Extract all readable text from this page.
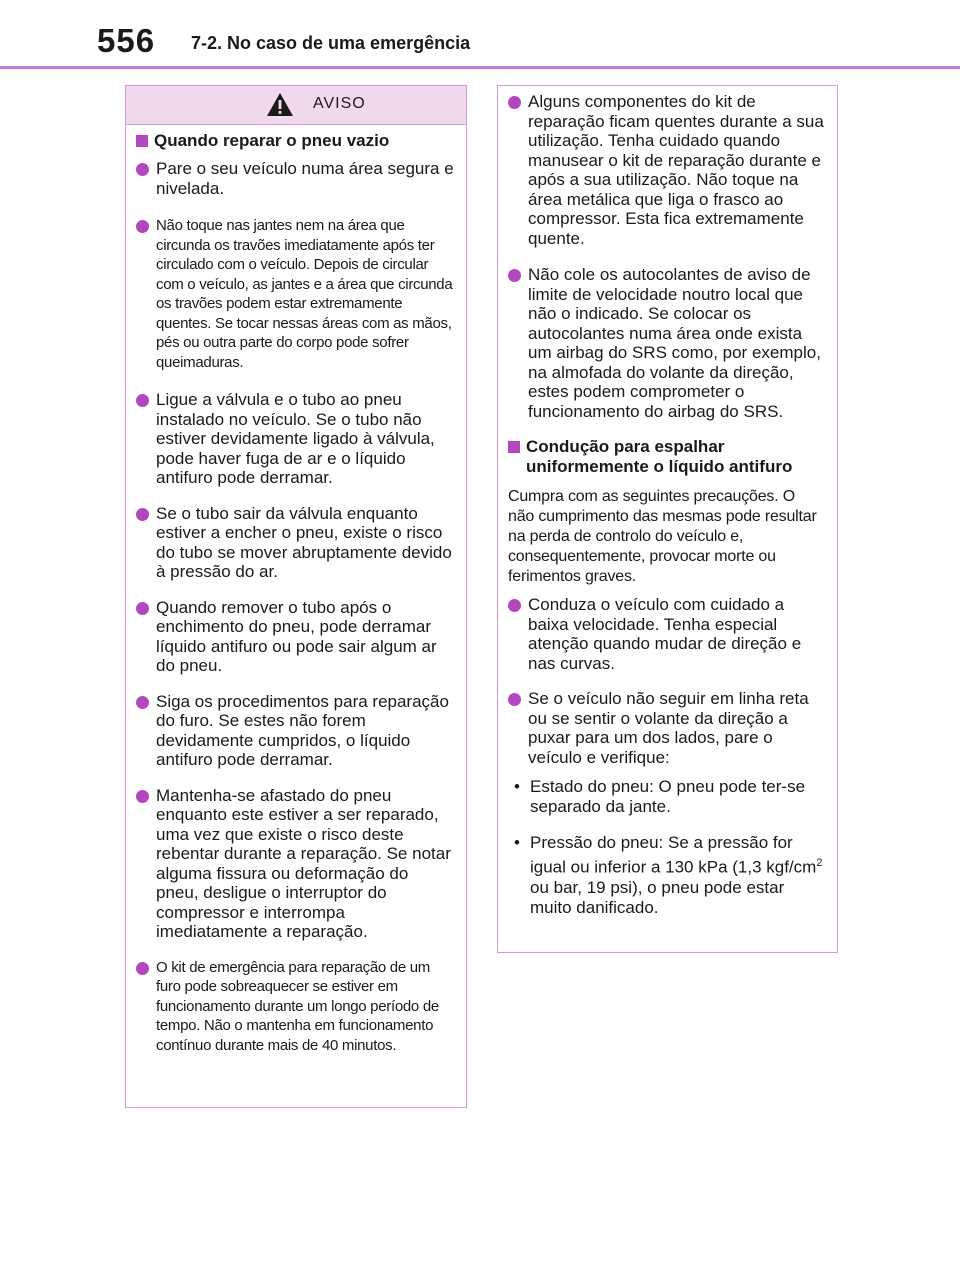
556 7-2. No caso de uma emergência
AVISO
Quando reparar o pneu vazio
Pare o seu veículo numa área segura e nivelada.
Não toque nas jantes nem na área que circunda os travões imediatamente após ter circulado com o veículo. Depois de circular com o veículo, as jantes e a área que circunda os travões podem estar extremamente quentes. Se tocar nessas áreas com as mãos, pés ou outra parte do corpo pode sofrer queimaduras.
Ligue a válvula e o tubo ao pneu instalado no veículo. Se o tubo não estiver devidamente ligado à válvula, pode haver fuga de ar e o líquido antifuro pode derramar.
Se o tubo sair da válvula enquanto estiver a encher o pneu, existe o risco do tubo se mover abruptamente devido à pressão do ar.
Quando remover o tubo após o enchimento do pneu, pode derramar líquido antifuro ou pode sair algum ar do pneu.
Siga os procedimentos para reparação do furo. Se estes não forem devidamente cumpridos, o líquido antifuro pode derramar.
Mantenha-se afastado do pneu enquanto este estiver a ser reparado, uma vez que existe o risco deste rebentar durante a reparação. Se notar alguma fissura ou deformação do pneu, desligue o interruptor do compressor e interrompa imediatamente a reparação.
O kit de emergência para reparação de um furo pode sobreaquecer se estiver em funcionamento durante um longo período de tempo. Não o mantenha em funcionamento contínuo durante mais de 40 minutos.
Alguns componentes do kit de reparação ficam quentes durante a sua utilização. Tenha cuidado quando manusear o kit de reparação durante e após a sua utilização. Não toque na área metálica que liga o frasco ao compressor. Esta fica extremamente quente.
Não cole os autocolantes de aviso de limite de velocidade noutro local que não o indicado. Se colocar os autocolantes numa área onde exista um airbag do SRS como, por exemplo, na almofada do volante da direção, estes podem comprometer o funcionamento do airbag do SRS.
Condução para espalhar uniformemente o líquido antifuro
Cumpra com as seguintes precauções. O não cumprimento das mesmas pode resultar na perda de controlo do veículo e, consequentemente, provocar morte ou ferimentos graves.
Conduza o veículo com cuidado a baixa velocidade. Tenha especial atenção quando mudar de direção e nas curvas.
Se o veículo não seguir em linha reta ou se sentir o volante da direção a puxar para um dos lados, pare o veículo e verifique:
• Estado do pneu: O pneu pode ter-se separado da jante.
• Pressão do pneu: Se a pressão for igual ou inferior a 130 kPa (1,3 kgf/$cm^2$ ou bar, 19 psi), o pneu pode estar muito danificado.
